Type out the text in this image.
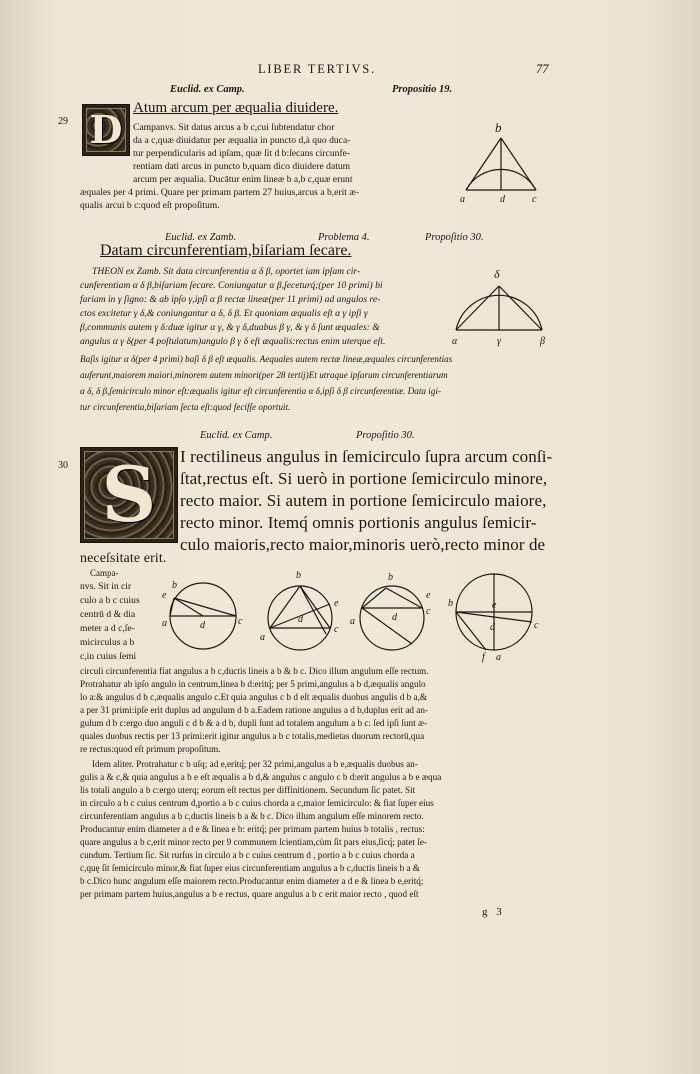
LIBER TERTIVS.	77
29
Euclid. ex Camp.	Propositio 19.
D Atum arcum per æqualia diuidere.
Campanvs. Sit datus arcus a b c,cui ſubtendatur chor
da a c,quæ diuidatur per æqualia in puncto d,à quo duca-
tur perpendicularis ad ipſam, quæ ſit d b:ſecans circunfe-
rentiam dati arcus in puncto b,quam dico diuidere datum
arcum per æqualia. Ducātur enim lineæ b a,b c,quæ erunt
æquales per 4 primi. Quare per primam partem 27 huius,arcus a b,erit æ-
qualis arcui b c:quod eſt propoſitum.
b
a	d	c
Euclid. ex Zamb.	Problema 4.	Propoſitio 30.
Datam circunferentiam,biſariam ſecare.
THEON ex Zamb. Sit data circunferentia α δ β, oportet iam ipſam cir-
cunferentiam α δ β,biſariam ſecare. Coniungatur α β,ſeceturq́;(per 10 primi) bi
fariam in γ ſigno: & ab ipſo γ,ipſi α β rectæ lineæ(per 11 primi) ad angulos re-
ctos excitetur γ δ,& coniungantur α δ, δ β. Et quoniam æqualis eſt α γ ipſi γ
β,communis autem γ δ:duæ igitur α γ, & γ δ,duabus β γ, & γ δ ſunt æquales: &
angulus α γ δ(per 4 poſtulatum)angulo β γ δ eſt æqualis:rectus enim uterque eſt.
Baſis igitur α δ(per 4 primi) baſi δ β eſt æqualis. Aequales autem rectæ lineæ,æquales circunferentias
auferunt,maiorem maiori,minorem autem minori(per 28 tertij)Et utraque ipſarum circunferentiarum
α δ, δ β,ſemicirculo minor eſt:æqualis igitur eſt circunferentia α δ,ipſi δ β circunferentiæ. Data igi-
tur circunferentia,biſariam ſecta eſt:quod fecifſe oportuit.
δ
α	γ	β
30
Euclid. ex Camp.	Propoſitio 30.
S	I rectilineus angulus in ſemicirculo ſupra arcum conſi-
ſtat,rectus eſt. Si uerò in portione ſemicirculo minore,
recto maior. Si autem in portione ſemicirculo maiore,
recto minor. Itemq́ omnis portionis angulus ſemicir-
culo maioris,recto maior,minoris uerò,recto minor de
neceſsitate erit.
Campa-
nvs. Sit in cir
culo a b c cuius
centrū d & dia
meter a d c,ſe-
micirculus a b
c,in cuius ſemi
b
e
a	d	c
b
e
a
d
c
b
e
a	d
c
e
b
d	c
f a
circuli circunferentia fiat angulus a b c,ductis lineis a b & b c. Dico illum angulum eſſe rectum.
Protrahatur ab ipſo angulo in centrum,linea b d:eritq́; per 5 primi,angulus a b d,æqualis angulo
lo a:& angulus d b c,æqualis angulo c.Et quia angulus c b d eſt æqualis duobus angulis d b a,&
a per 31 primi:ipſe erit duplus ad angulum d b a.Eadem ratione angulus a d b,duplus erit ad an-
gulum d b c:ergo duo anguli c d b & a d b, dupli ſunt ad totalem angulum a b c: ſed ipſi ſunt æ-
quales duobus rectis per 13 primi:erit igitur angulus a b c totalis,medietas duorum rectorū,qua
re rectus:quod eſt primum propoſitum.
Idem aliter. Protrahatur c b uſq; ad e,eritq́; per 32 primi,angulus a b e,æqualis duobus an-
gulis a & c,& quia angulus a b e eſt æqualis a b d,& angulus c angulo c b d:erit angulus a b e æqua
lis totali angulo a b c:ergo uterq; eorum eſt rectus per diffinitionem. Secundum ſic patet. Sit
in circulo a b c cuius centrum d,portio a b c cuius chorda a c,maior ſemicirculo: & fiat ſuper eius
circunferentiam angulus a b c,ductis lineis b a & b c. Dico illum angulum eſſe minorem recto.
Producantur enim diameter a d e & linea e b: eritq́; per primam partem huius b totalis , rectus:
quare angulus a b c,erit minor recto per 9 communem ſcientiam,cùm ſit pars eius,ſicq́; patet ſe-
cundum. Tertium ſic. Sit rurſus in circulo a b c cuius centrum d , portio a b c cuius chorda a
c,quę ſit ſemicirculo minor,& fiat ſuper eius circunferentiam angulus a b c,ductis lineis b a &
b c.Dico hunc angulum eſſe maiorem recto.Producantur enim diameter a d e & linea b e,eritq́;
per primam partem huius,angulus a b e rectus, quare angulus a b c erit maior recto , quod eſt
g 3
